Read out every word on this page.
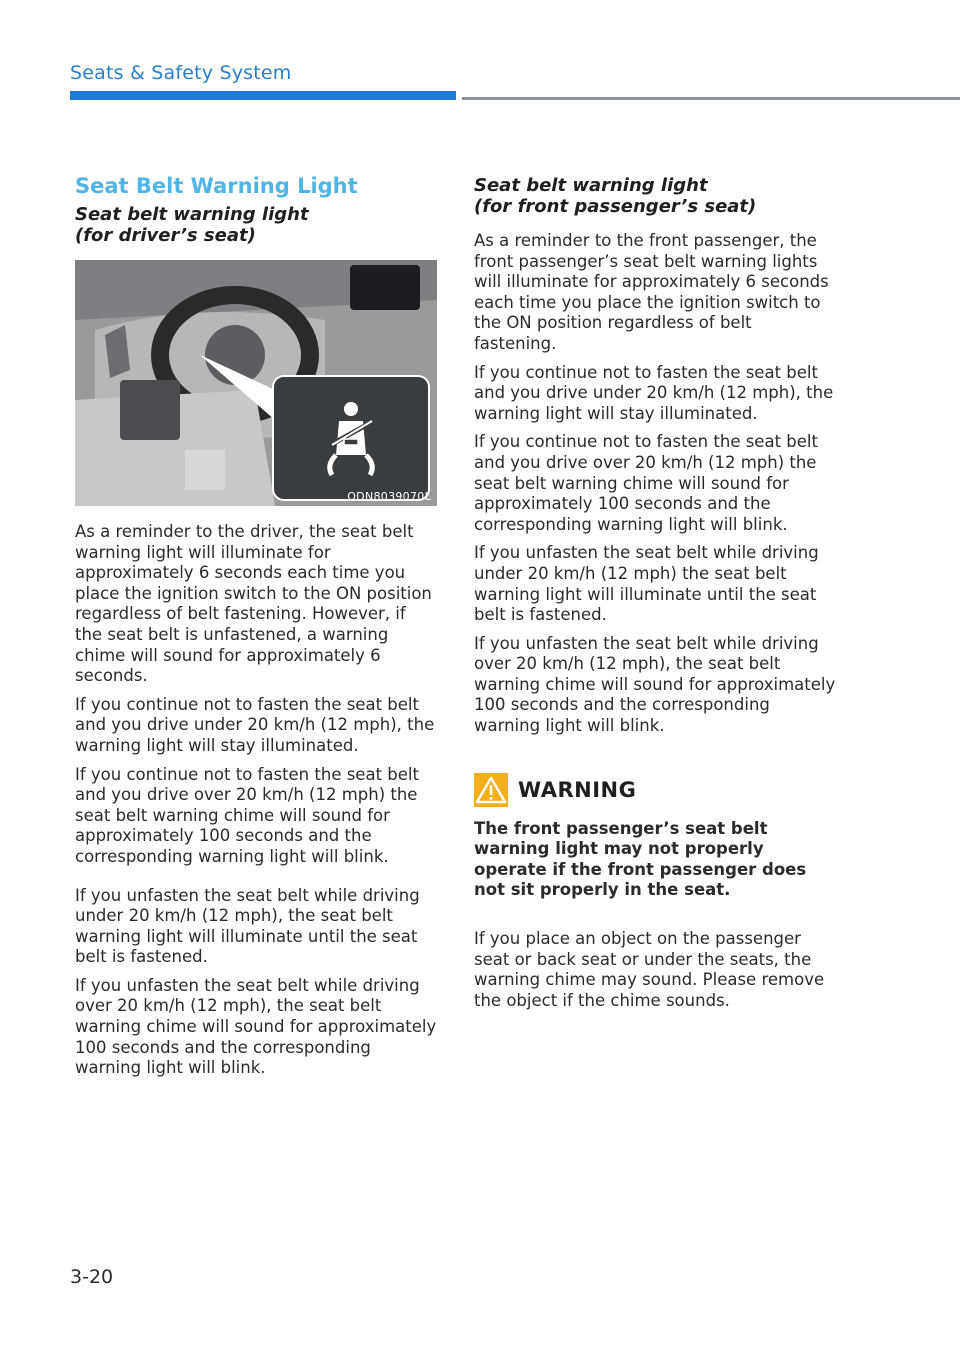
Seats & Safety System
Seat Belt Warning Light
Seat belt warning light
(for driver’s seat)
ODN8039070L

As a reminder to the driver, the seat belt warning light will illuminate for approximately 6 seconds each time you place the ignition switch to the ON position regardless of belt fastening. However, if the seat belt is unfastened, a warning chime will sound for approximately 6 seconds.

If you continue not to fasten the seat belt and you drive under 20 km/h (12 mph), the warning light will stay illuminated.

If you continue not to fasten the seat belt and you drive over 20 km/h (12 mph) the seat belt warning chime will sound for approximately 100 seconds and the corresponding warning light will blink.

If you unfasten the seat belt while driving under 20 km/h (12 mph), the seat belt warning light will illuminate until the seat belt is fastened.

If you unfasten the seat belt while driving over 20 km/h (12 mph), the seat belt warning chime will sound for approximately 100 seconds and the corresponding warning light will blink.

Seat belt warning light
(for front passenger’s seat)

As a reminder to the front passenger, the front passenger’s seat belt warning lights will illuminate for approximately 6 seconds each time you place the ignition switch to the ON position regardless of belt fastening.

If you continue not to fasten the seat belt and you drive under 20 km/h (12 mph), the warning light will stay illuminated.

If you continue not to fasten the seat belt and you drive over 20 km/h (12 mph) the seat belt warning chime will sound for approximately 100 seconds and the corresponding warning light will blink.

If you unfasten the seat belt while driving under 20 km/h (12 mph) the seat belt warning light will illuminate until the seat belt is fastened.

If you unfasten the seat belt while driving over 20 km/h (12 mph), the seat belt warning chime will sound for approximately 100 seconds and the corresponding warning light will blink.

WARNING

The front passenger’s seat belt warning light may not properly operate if the front passenger does not sit properly in the seat.

If you place an object on the passenger seat or back seat or under the seats, the warning chime may sound. Please remove the object if the chime sounds.

3-20
